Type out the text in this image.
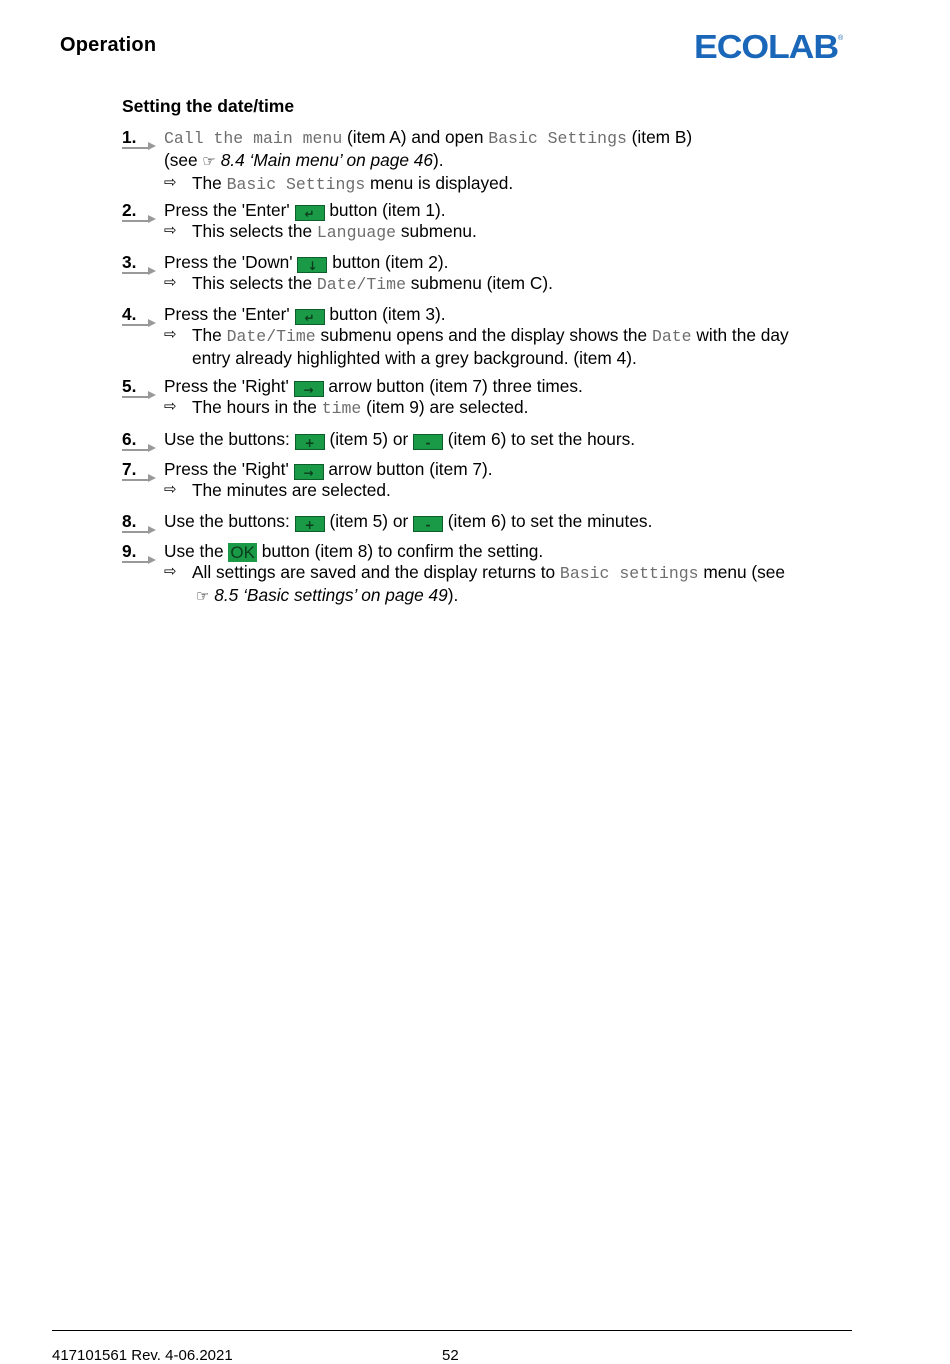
Operation	ECOLAB ®
Setting the date/time
1.	Call the main menu (item A) and open Basic Settings (item B)
(see ☞ 8.4 ‘Main menu’ on page 46).
⇨ The Basic Settings menu is displayed.
2.	Press the 'Enter' ↵ button (item 1).
⇨ This selects the Language submenu.
3.	Press the 'Down' ↓ button (item 2).
⇨ This selects the Date/Time submenu (item C).
4.	Press the 'Enter' ↵ button (item 3).
⇨ The Date/Time submenu opens and the display shows the Date with the day
entry already highlighted with a grey background. (item 4).
5.	Press the 'Right' → arrow button (item 7) three times.
⇨ The hours in the time (item 9) are selected.
6.	Use the buttons: + (item 5) or - (item 6) to set the hours.
7.	Press the 'Right' → arrow button (item 7).
⇨ The minutes are selected.
8.	Use the buttons: + (item 5) or - (item 6) to set the minutes.
9.	Use the OK button (item 8) to confirm the setting.
⇨ All settings are saved and the display returns to Basic settings menu (see
☞ 8.5 ‘Basic settings’ on page 49).
417101561 Rev. 4-06.2021	52
